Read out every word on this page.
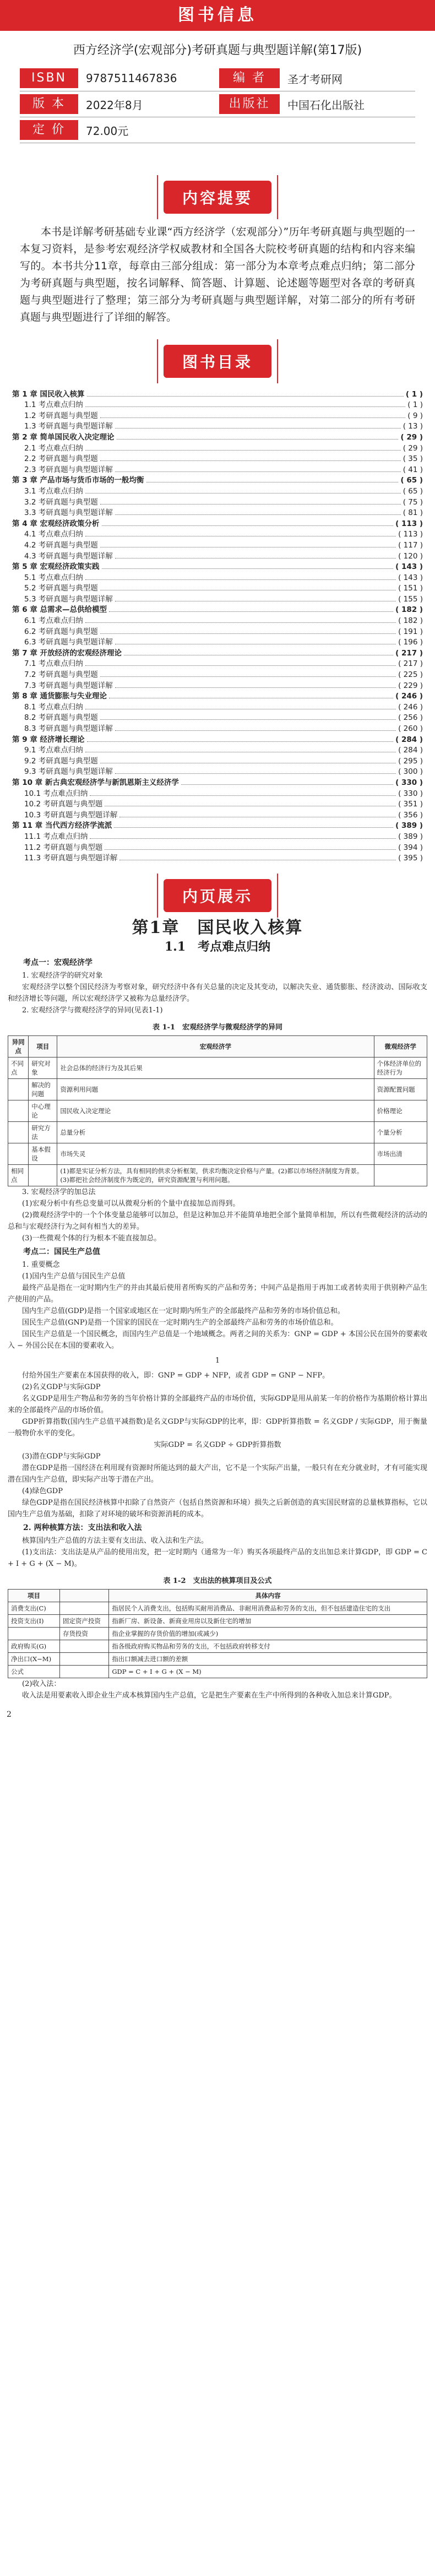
图书信息
西方经济学(宏观部分)考研真题与典型题详解(第17版)
ISBN	9787511467836	编 者	圣才考研网
版 本	2022年8月	出版社	中国石化出版社
定 价	72.00元
内容提要

本书是详解考研基础专业课“西方经济学（宏观部分）”历年考研真题与典型题的一本复习资料，是参考宏观经济学权威教材和全国各大院校考研真题的结构和内容来编写的。本书共分11章，每章由三部分组成：第一部分为本章考点难点归纳；第二部分为考研真题与典型题，按名词解释、简答题、计算题、论述题等题型对各章的考研真题与典型题进行了整理；第三部分为考研真题与典型题详解，对第二部分的所有考研真题与典型题进行了详细的解答。

图书目录
第 1 章 国民收入核算	( 1 )
1.1 考点难点归纳	( 1 )
1.2 考研真题与典型题	( 9 )
1.3 考研真题与典型题详解	( 13 )
第 2 章 简单国民收入决定理论	( 29 )
2.1 考点难点归纳	( 29 )
2.2 考研真题与典型题	( 35 )
2.3 考研真题与典型题详解	( 41 )
第 3 章 产品市场与货币市场的一般均衡	( 65 )
3.1 考点难点归纳	( 65 )
3.2 考研真题与典型题	( 75 )
3.3 考研真题与典型题详解	( 81 )
第 4 章 宏观经济政策分析	( 113 )
4.1 考点难点归纳	( 113 )
4.2 考研真题与典型题	( 117 )
4.3 考研真题与典型题详解	( 120 )
第 5 章 宏观经济政策实践	( 143 )
5.1 考点难点归纳	( 143 )
5.2 考研真题与典型题	( 151 )
5.3 考研真题与典型题详解	( 155 )
第 6 章 总需求—总供给模型	( 182 )
6.1 考点难点归纳	( 182 )
6.2 考研真题与典型题	( 191 )
6.3 考研真题与典型题详解	( 196 )
第 7 章 开放经济的宏观经济理论	( 217 )
7.1 考点难点归纳	( 217 )
7.2 考研真题与典型题	( 225 )
7.3 考研真题与典型题详解	( 229 )
第 8 章 通货膨胀与失业理论	( 246 )
8.1 考点难点归纳	( 246 )
8.2 考研真题与典型题	( 256 )
8.3 考研真题与典型题详解	( 260 )
第 9 章 经济增长理论	( 284 )
9.1 考点难点归纳	( 284 )
9.2 考研真题与典型题	( 295 )
9.3 考研真题与典型题详解	( 300 )
第 10 章 新古典宏观经济学与新凯恩斯主义经济学	( 330 )
10.1 考点难点归纳	( 330 )
10.2 考研真题与典型题	( 351 )
10.3 考研真题与典型题详解	( 356 )
第 11 章 当代西方经济学流派	( 389 )
11.1 考点难点归纳	( 389 )
11.2 考研真题与典型题	( 394 )
11.3 考研真题与典型题详解	( 395 )
内页展示
第1章　国民收入核算
1.1　考点难点归纳
考点一：宏观经济学

1. 宏观经济学的研究对象

宏观经济学以整个国民经济为考察对象，研究经济中各有关总量的决定及其变动，以解决失业、通货膨胀、经济波动、国际收支和经济增长等问题，所以宏观经济学又被称为总量经济学。

2. 宏观经济学与微观经济学的异同(见表1-1)

表 1-1　宏观经济学与微观经济学的异同
异同点	项目	宏观经济学	微观经济学
不同点	研究对象	社会总体的经济行为及其后果	个体经济单位的经济行为
	解决的问题	资源利用问题	资源配置问题
	中心理论	国民收入决定理论	价格理论
	研究方法	总量分析	个量分析
	基本假设	市场失灵	市场出清
相同点		(1)都是实证分析方法，具有相同的供求分析框架，供求均衡决定价格与产量。(2)都以市场经济制度为背景。(3)都把社会经济制度作为既定的，研究资源配置与利用问题。	

3. 宏观经济学的加总法

(1)宏观分析中有些总变量可以从微观分析的个量中直接加总而得到。

(2)微观经济学中的一个个体变量总能够可以加总，但是这种加总并不能简单地把全部个量简单相加，所以有些微观经济的活动的总和与宏观经济行为之间有相当大的差异。

(3)一些微观个体的行为根本不能直接加总。

考点二：国民生产总值

1. 重要概念

(1)国内生产总值与国民生产总值

最终产品是指在一定时期内生产的并由其最后使用者所购买的产品和劳务；中间产品是指用于再加工或者转卖用于供别种产品生产使用的产品。

国内生产总值(GDP)是指一个国家或地区在一定时期内所生产的全部最终产品和劳务的市场价值总和。

国民生产总值(GNP)是指一个国家的国民在一定时期内生产的全部最终产品和劳务的市场价值总和。

国民生产总值是一个国民概念，而国内生产总值是一个地域概念。两者之间的关系为：GNP = GDP + 本国公民在国外的要素收入 − 外国公民在本国的要素收入。

1

付给外国生产要素在本国获得的收入，即：GNP = GDP + NFP，或者 GDP = GNP − NFP。

(2)名义GDP与实际GDP

名义GDP是用生产物品和劳务的当年价格计算的全部最终产品的市场价值，实际GDP是用从前某一年的价格作为基期价格计算出来的全部最终产品的市场价值。

GDP折算指数(国内生产总值平减指数)是名义GDP与实际GDP的比率，即：GDP折算指数 = 名义GDP / 实际GDP，用于衡量一般物价水平的变化。

实际GDP = 名义GDP ÷ GDP折算指数

(3)潜在GDP与实际GDP

潜在GDP是指一国经济在利用现有资源时所能达到的最大产出，它不是一个实际产出量，一般只有在充分就业时，才有可能实现潜在国内生产总值，即实际产出等于潜在产出。

(4)绿色GDP

绿色GDP是指在国民经济核算中扣除了自然资产（包括自然资源和环境）损失之后新创造的真实国民财富的总量核算指标，它以国内生产总值为基础，扣除了对环境的破坏和资源消耗的成本。

2. 两种核算方法：支出法和收入法

核算国内生产总值的方法主要有支出法、收入法和生产法。

(1)支出法：支出法是从产品的使用出发，把一定时期内（通常为一年）购买各项最终产品的支出加总来计算GDP，即 GDP = C + I + G + (X − M)。

表 1-2　支出法的核算项目及公式
项目		具体内容
消费支出(C)		指居民个人消费支出，包括购买耐用消费品、非耐用消费品和劳务的支出，但不包括建造住宅的支出
投资支出(I)	固定资产投资	指新厂房、新设备、新商业用房以及新住宅的增加
	存货投资	指企业掌握的存货价值的增加(或减少)
政府购买(G)		指各级政府购买物品和劳务的支出，不包括政府转移支付
净出口(X−M)		指出口额减去进口额的差额
公式		GDP = C + I + G + (X − M)

(2)收入法：

收入法是用要素收入即企业生产成本核算国内生产总值，它是把生产要素在生产中所得到的各种收入加总来计算GDP。

2
